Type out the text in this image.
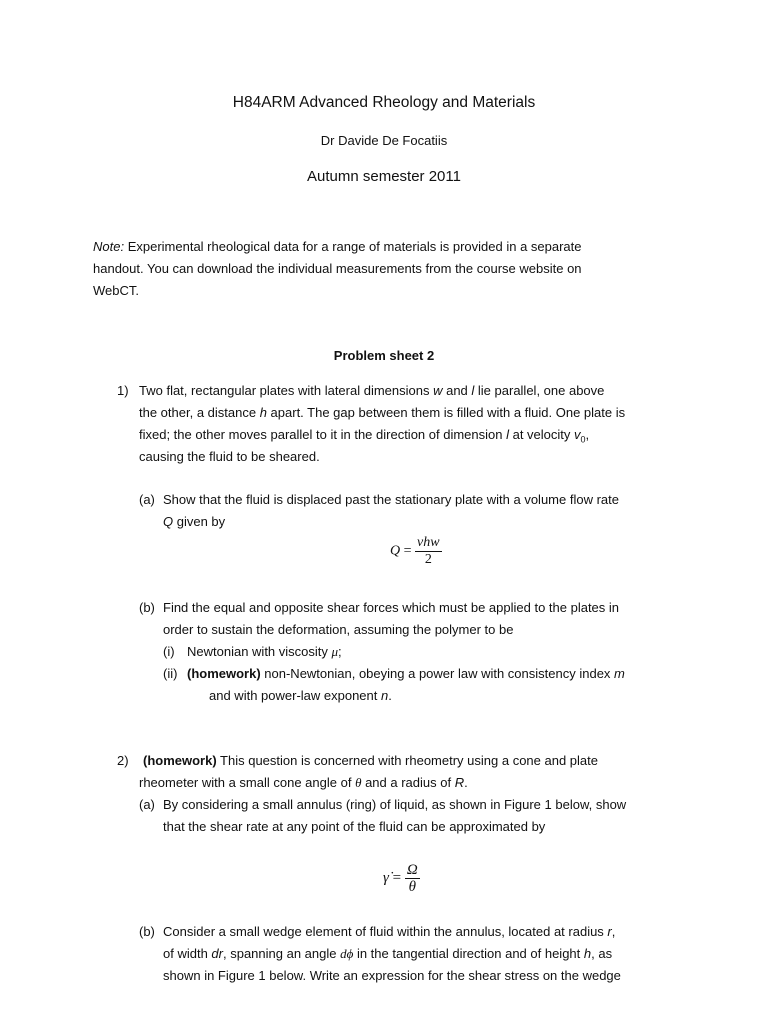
H84ARM Advanced Rheology and Materials
Dr Davide De Focatiis
Autumn semester 2011
Note: Experimental rheological data for a range of materials is provided in a separate
handout. You can download the individual measurements from the course website on
WebCT.
Problem sheet 2
1) Two flat, rectangular plates with lateral dimensions w and l lie parallel, one above
the other, a distance h apart. The gap between them is filled with a fluid. One plate is
fixed; the other moves parallel to it in the direction of dimension l at velocity $v_0$,
causing the fluid to be sheared.
(a) Show that the fluid is displaced past the stationary plate with a volume flow rate
Q given by
$Q = \frac{\text{vhw}}{2}$
(b) Find the equal and opposite shear forces which must be applied to the plates in
order to sustain the deformation, assuming the polymer to be
(i) Newtonian with viscosity μ;
(ii) (homework) non-Newtonian, obeying a power law with consistency index m
and with power-law exponent n.
2) (homework) This question is concerned with rheometry using a cone and plate
rheometer with a small cone angle of θ and a radius of R.
(a) By considering a small annulus (ring) of liquid, as shown in Figure 1 below, show
that the shear rate at any point of the fluid can be approximated by
γ̇ = $\frac{\Omega}{\theta}$
(b) Consider a small wedge element of fluid within the annulus, located at radius r,
of width dr, spanning an angle dϕ in the tangential direction and of height h, as
shown in Figure 1 below. Write an expression for the shear stress on the wedge
